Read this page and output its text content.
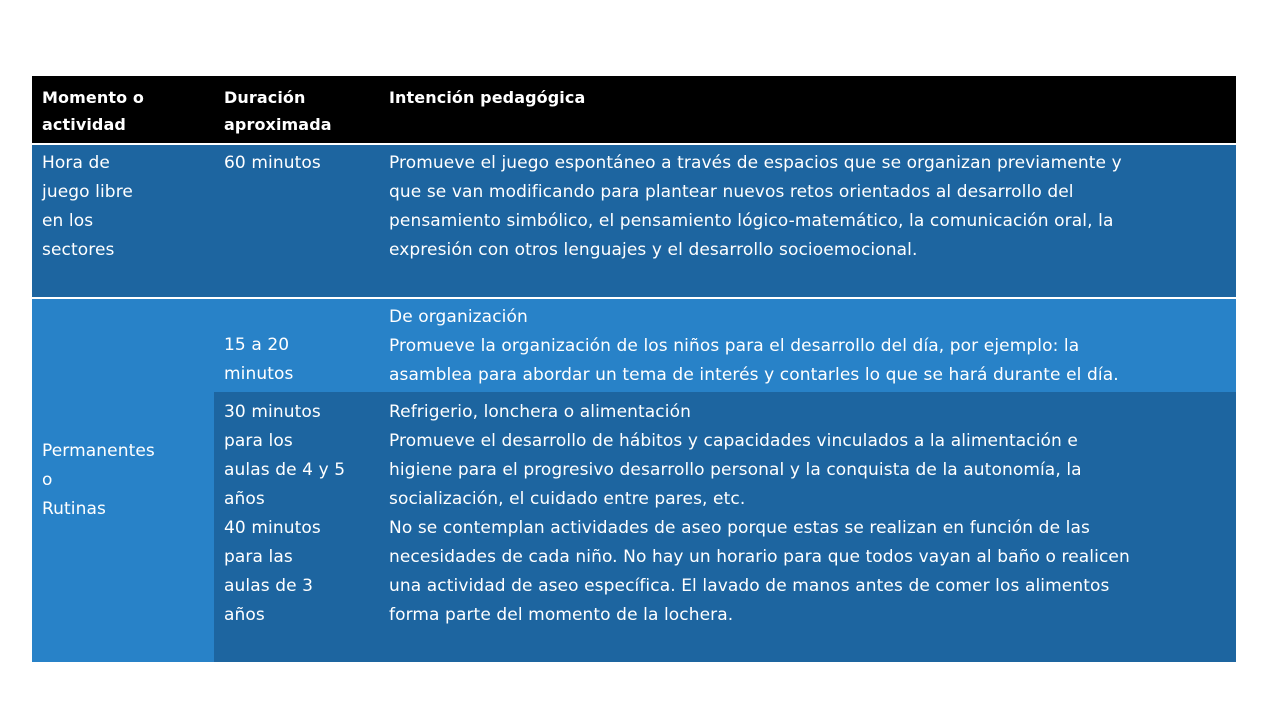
Momento o
actividad
Duración
aproximada
Intención pedagógica
Hora de
juego libre
en los
sectores
60 minutos	Promueve el juego espontáneo a través de espacios que se organizan previamente y
que se van modificando para plantear nuevos retos orientados al desarrollo del
pensamiento simbólico, el pensamiento lógico-matemático, la comunicación oral, la
expresión con otros lenguajes y el desarrollo socioemocional.
Permanentes
o
Rutinas
15 a 20
minutos
De organización
Promueve la organización de los niños para el desarrollo del día, por ejemplo: la
asamblea para abordar un tema de interés y contarles lo que se hará durante el día.
30 minutos
para los
aulas de 4 y 5
años
40 minutos
para las
aulas de 3
años
Refrigerio, lonchera o alimentación
Promueve el desarrollo de hábitos y capacidades vinculados a la alimentación e
higiene para el progresivo desarrollo personal y la conquista de la autonomía, la
socialización, el cuidado entre pares, etc.
No se contemplan actividades de aseo porque estas se realizan en función de las
necesidades de cada niño. No hay un horario para que todos vayan al baño o realicen
una actividad de aseo específica. El lavado de manos antes de comer los alimentos
forma parte del momento de la lochera.
